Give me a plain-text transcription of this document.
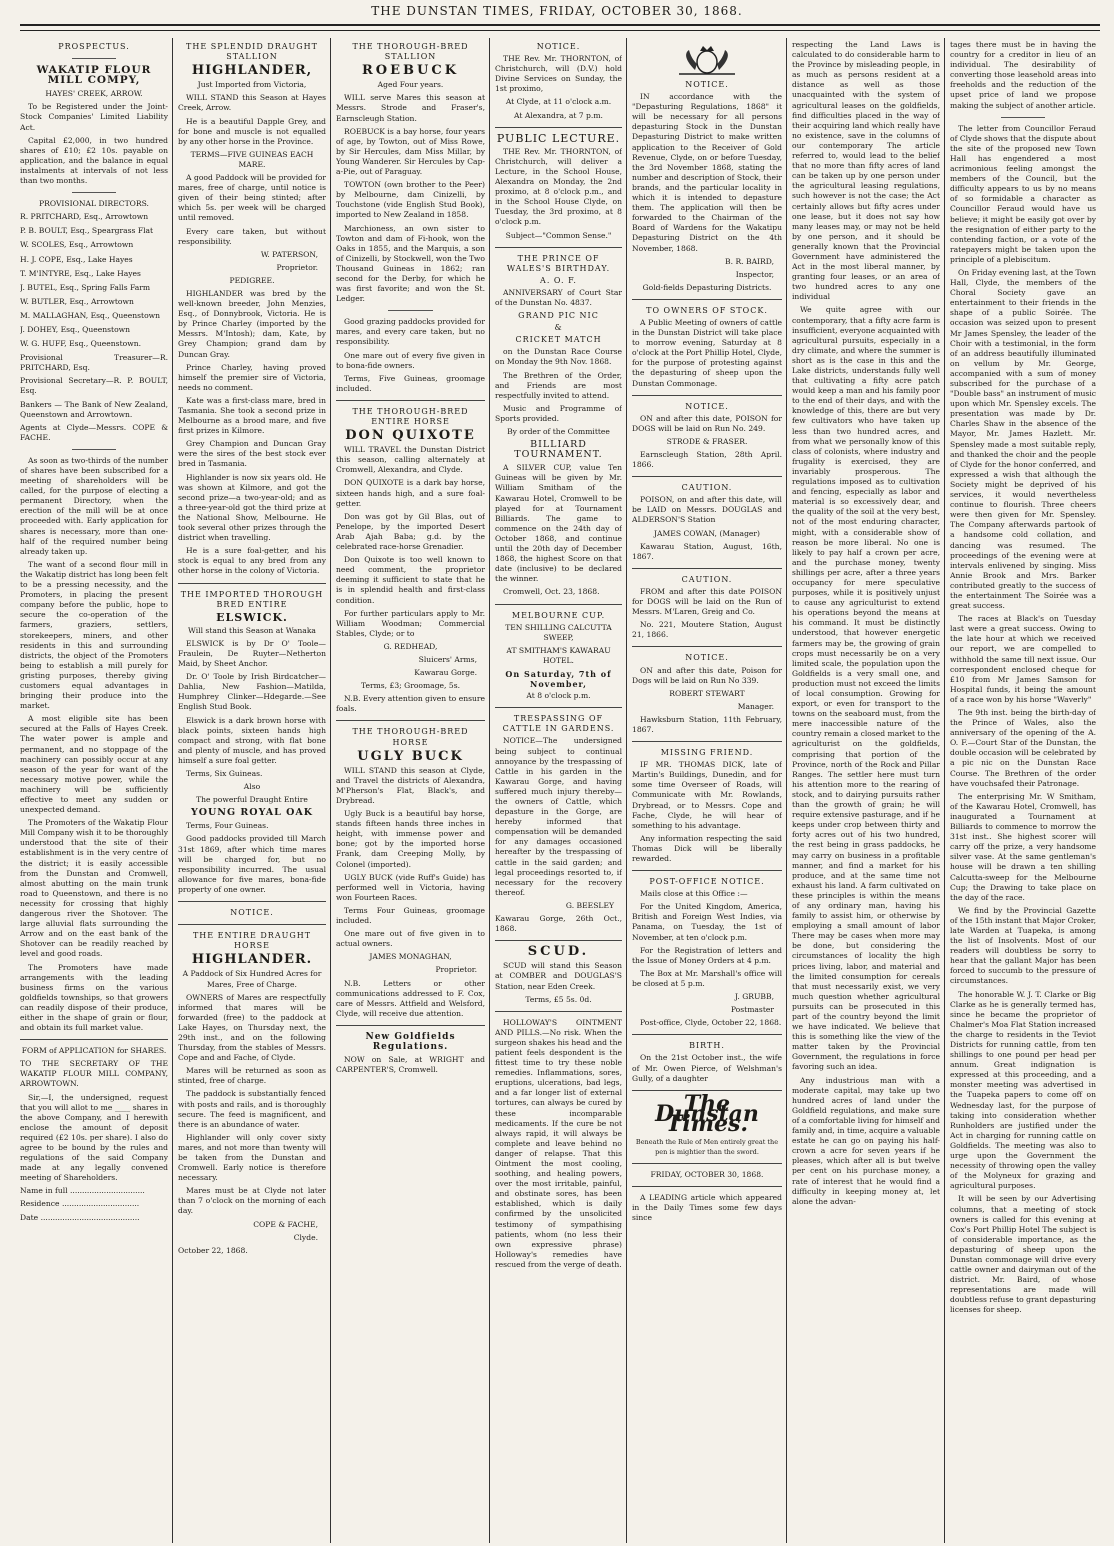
THE DUNSTAN TIMES, FRIDAY, OCTOBER 30, 1868.
PROSPECTUS.
WAKATIP FLOUR MILL COMPY,

HAYES' CREEK, ARROW.

To be Registered under the Joint-Stock Companies' Limited Liability Act.

Capital £2,000, in two hundred shares of £10; £2 10s. payable on application, and the balance in equal instalments at intervals of not less than two months.

PROVISIONAL DIRECTORS.

R. PRITCHARD, Esq., Arrowtown

P. B. BOULT, Esq., Speargrass Flat

W. SCOLES, Esq., Arrowtown

H. J. COPE, Esq., Lake Hayes

T. M'INTYRE, Esq., Lake Hayes

J. BUTEL, Esq., Spring Falls Farm

W. BUTLER, Esq., Arrowtown

M. MALLAGHAN, Esq., Queenstown

J. DOHEY, Esq., Queenstown

W. G. HUFF, Esq., Queenstown.

Provisional Treasurer—R. PRITCHARD, Esq.

Provisional Secretary—R. P. BOULT, Esq.

Bankers — The Bank of New Zealand, Queenstown and Arrowtown.

Agents at Clyde—Messrs. COPE & FACHE.

As soon as two-thirds of the number of shares have been subscribed for a meeting of shareholders will be called, for the purpose of electing a permanent Directory, when the erection of the mill will be at once proceeded with. Early application for shares is necessary, more than one-half of the required number being already taken up.

The want of a second flour mill in the Wakatip district has long been felt to be a pressing necessity, and the Promoters, in placing the present company before the public, hope to secure the co-operation of the farmers, graziers, settlers, storekeepers, miners, and other residents in this and surrounding districts, the object of the Promoters being to establish a mill purely for gristing purposes, thereby giving customers equal advantages in bringing their produce into the market.

A most eligible site has been secured at the Falls of Hayes Creek. The water power is ample and permanent, and no stoppage of the machinery can possibly occur at any season of the year for want of the necessary motive power, while the machinery will be sufficiently effective to meet any sudden or unexpected demand.

The Promoters of the Wakatip Flour Mill Company wish it to be thoroughly understood that the site of their establishment is in the very centre of the district; it is easily accessible from the Dunstan and Cromwell, almost abutting on the main trunk road to Queenstown, and there is no necessity for crossing that highly dangerous river the Shotover. The large alluvial flats surrounding the Arrow and on the east bank of the Shotover can be readily reached by level and good roads.

The Promoters have made arrangements with the leading business firms on the various goldfields townships, so that growers can readily dispose of their produce, either in the shape of grain or flour, and obtain its full market value.

FORM of APPLICATION for SHARES.

TO THE SECRETARY OF THE WAKATIP FLOUR MILL COMPANY, ARROWTOWN.

Sir,—I, the undersigned, request that you will allot to me ____ shares in the above Company, and I herewith enclose the amount of deposit required (£2 10s. per share). I also do agree to be bound by the rules and regulations of the said Company made at any legally convened meeting of Shareholders.

Name in full ...............................

Residence ................................

Date .........................................

THE SPLENDID DRAUGHT STALLION
HIGHLANDER,

Just Imported from Victoria,

WILL STAND this Season at Hayes Creek, Arrow.

He is a beautiful Dapple Grey, and for bone and muscle is not equalled by any other horse in the Province.

TERMS—FIVE GUINEAS EACH MARE.

A good Paddock will be provided for mares, free of charge, until notice is given of their being stinted; after which 5s. per week will be charged until removed.

Every care taken, but without responsibility.

W. PATERSON,
Proprietor.

PEDIGREE.

HIGHLANDER was bred by the well-known breeder, John Menzies, Esq., of Donnybrook, Victoria. He is by Prince Charley (imported by the Messrs. M'Intosh); dam, Kate, by Grey Champion; grand dam by Duncan Gray.

Prince Charley, having proved himself the premier sire of Victoria, needs no comment.

Kate was a first-class mare, bred in Tasmania. She took a second prize in Melbourne as a brood mare, and five first prizes in Kilmore.

Grey Champion and Duncan Gray were the sires of the best stock ever bred in Tasmania.

Highlander is now six years old. He was shown at Kilmore, and got the second prize—a two-year-old; and as a three-year-old got the third prize at the National Show, Melbourne. He took several other prizes through the district when travelling.

He is a sure foal-getter, and his stock is equal to any bred from any other horse in the colony of Victoria.

THE IMPORTED THOROUGH BRED ENTIRE
ELSWICK.

Will stand this Season at Wanaka

ELSWICK is by Dr O' Toole—Fraulein, De Ruyter—Netherton Maid, by Sheet Anchor.

Dr. O' Toole by Irish Birdcatcher—Dahlia, New Fashion—Matilda, Humphrey Clinker—Hdegarde.—See English Stud Book.

Elswick is a dark brown horse with black points, sixteen hands high compact and strong, with flat bone and plenty of muscle, and has proved himself a sure foal getter.

Terms, Six Guineas.

Also

The powerful Draught Entire

YOUNG ROYAL OAK

Terms, Four Guineas.

Good paddocks provided till March 31st 1869, after which time mares will be charged for, but no responsibility incurred. The usual allowance for five mares, bona-fide property of one owner.

NOTICE.
THE ENTIRE DRAUGHT HORSE
HIGHLANDER.

A Paddock of Six Hundred Acres for Mares, Free of Charge.

OWNERS of Mares are respectfully informed that mares will be forwarded (free) to the paddock at Lake Hayes, on Thursday next, the 29th inst., and on the following Thursday, from the stables of Messrs. Cope and and Fache, of Clyde.

Mares will be returned as soon as stinted, free of charge.

The paddock is substantially fenced with posts and rails, and is thoroughly secure. The feed is magnificent, and there is an abundance of water.

Highlander will only cover sixty mares, and not more than twenty will be taken from the Dunstan and Cromwell. Early notice is therefore necessary.

Mares must be at Clyde not later than 7 o'clock on the morning of each day.

COPE & FACHE,
Clyde.

October 22, 1868.

THE THOROUGH-BRED STALLION
ROEBUCK

Aged Four years.

WILL serve Mares this season at Messrs. Strode and Fraser's, Earnscleugh Station.

ROEBUCK is a bay horse, four years of age, by Towton, out of Miss Rowe, by Sir Hercules, dam Miss Millar, by Young Wanderer. Sir Hercules by Cap-a-Pie, out of Paraguay.

TOWTON (own brother to the Peer) by Melbourne, dam Cinizelli, by Touchstone (vide English Stud Book), imported to New Zealand in 1858.

Marchioness, an own sister to Towton and dam of Fi-hook, won the Oaks in 1855, and the Marquis, a son of Cinizelli, by Stockwell, won the Two Thousand Guineas in 1862; ran second for the Derby, for which he was first favorite; and won the St. Ledger.

Good grazing paddocks provided for mares, and every care taken, but no responsibility.

One mare out of every five given in to bona-fide owners.

Terms, Five Guineas, groomage included.

THE THOROUGH-BRED ENTIRE HORSE
DON QUIXOTE

WILL TRAVEL the Dunstan District this season, calling alternately at Cromwell, Alexandra, and Clyde.

DON QUIXOTE is a dark bay horse, sixteen hands high, and a sure foal-getter.

Don was got by Gil Blas, out of Penelope, by the imported Desert Arab Ajah Baba; g.d. by the celebrated race-horse Grenadier.

Don Quixote is too well known to need comment, the proprietor deeming it sufficient to state that he is in splendid health and first-class condition.

For further particulars apply to Mr. William Woodman; Commercial Stables, Clyde; or to

G. REDHEAD,

Sluicers' Arms,
Kawarau Gorge.

Terms, £3; Groomage, 5s.

N.B. Every attention given to ensure foals.

THE THOROUGH-BRED HORSE
UGLY BUCK

WILL STAND this season at Clyde, and Travel the districts of Alexandra, M'Pherson's Flat, Black's, and Drybread.

Ugly Buck is a beautiful bay horse, stands fifteen hands three inches in height, with immense power and bone; got by the imported horse Frank, dam Creeping Molly, by Colonel (imported).

UGLY BUCK (vide Ruff's Guide) has performed well in Victoria, having won Fourteen Races.

Terms Four Guineas, groomage included.

One mare out of five given in to actual owners.

JAMES MONAGHAN,

Proprietor.

N.B. Letters or other communications addressed to F. Cox, care of Messrs. Attfield and Welsford, Clyde, will receive due attention.

New Goldfields Regulations.

NOW on Sale, at WRIGHT and CARPENTER'S, Cromwell.

NOTICE.

THE Rev. Mr. THORNTON, of Christchurch, will (D.V.) hold Divine Services on Sunday, the 1st proximo,

At Clyde, at 11 o'clock a.m.

At Alexandra, at 7 p.m.

PUBLIC LECTURE.

THE Rev. Mr. THORNTON, of Christchurch, will deliver a Lecture, in the School House, Alexandra on Monday, the 2nd proximo, at 8 o'clock p.m., and in the School House Clyde, on Tuesday, the 3rd proximo, at 8 o'clock p.m.

Subject—"Common Sense."

THE PRINCE OF WALES'S BIRTHDAY.
A. O. F.

ANNIVERSARY of Court Star of the Dunstan No. 4837.

GRAND PIC NIC
&
CRICKET MATCH

on the Dunstan Race Course on Monday the 9th Nov. 1868.

The Brethren of the Order, and Friends are most respectfully invited to attend.

Music and Programme of Sports provided.

By order of the Committee

BILLIARD TOURNAMENT.

A SILVER CUP, value Ten Guineas will be given by Mr. William Smitham of the Kawarau Hotel, Cromwell to be played for at Tournament Billiards. The game to commence on the 24th day of October 1868, and continue until the 20th day of December 1868, the highest Score on that date (inclusive) to be declared the winner.

Cromwell, Oct. 23, 1868.

MELBOURNE CUP.

TEN SHILLING CALCUTTA SWEEP,

AT SMITHAM'S KAWARAU HOTEL.

On Saturday, 7th of November,

At 8 o'clock p.m.

TRESPASSING OF CATTLE IN GARDENS.

NOTICE—The undersigned being subject to continual annoyance by the trespassing of Cattle in his garden in the Kawarau Gorge, and having suffered much injury thereby—the owners of Cattle, which depasture in the Gorge, are hereby informed that compensation will be demanded for any damages occasioned hereafter by the trespassing of cattle in the said garden; and legal proceedings resorted to, if necessary for the recovery thereof.

G. BEESLEY

Kawarau Gorge, 26th Oct., 1868.

SCUD.

SCUD will stand this Season at COMBER and DOUGLAS'S Station, near Eden Creek.

Terms, £5 5s. 0d.

HOLLOWAY'S OINTMENT AND PILLS.—No risk. When the surgeon shakes his head and the patient feels despondent is the fittest time to try these noble remedies. Inflammations, sores, eruptions, ulcerations, bad legs, and a far longer list of external tortures, can always be cured by these incomparable medicaments. If the cure be not always rapid, it will always be complete and leave behind no danger of relapse. That this Ointment the most cooling, soothing, and healing powers, over the most irritable, painful, and obstinate sores, has been established, which is daily confirmed by the unsolicited testimony of sympathising patients, whom (no less their own expressive phrase) Holloway's remedies have rescued from the verge of death.

NOTICE.

IN accordance with the "Depasturing Regulations, 1868" it will be necessary for all persons depasturing Stock in the Dunstan Depasturing District to make written application to the Receiver of Gold Revenue, Clyde, on or before Tuesday, the 3rd November 1868, stating the number and description of Stock, their brands, and the particular locality in which it is intended to depasture them. The application will then be forwarded to the Chairman of the Board of Wardens for the Wakatipu Depasturing District on the 4th November, 1868.

B. R. BAIRD,
Inspector,

Gold-fields Depasturing Districts.

TO OWNERS OF STOCK.

A Public Meeting of owners of cattle in the Dunstan District will take place to morrow evening, Saturday at 8 o'clock at the Port Phillip Hotel, Clyde, for the purpose of protesting against the depasturing of sheep upon the Dunstan Commonage.

NOTICE.

ON and after this date, POISON for DOGS will be laid on Run No. 249.

STRODE & FRASER.

Earnscleugh Station, 28th April. 1866.

CAUTION.

POISON, on and after this date, will be LAID on Messrs. DOUGLAS and ALDERSON'S Station

JAMES COWAN, (Manager)

Kawarau Station, August, 16th, 1867.

CAUTION.

FROM and after this date POISON for DOGS will be laid on the Run of Messrs. M'Laren, Greig and Co.

No. 221, Moutere Station, August 21, 1866.

NOTICE.

ON and after this date, Poison for Dogs will be laid on Run No 339.

ROBERT STEWART

Manager.

Hawksburn Station, 11th February, 1867.

MISSING FRIEND.

IF MR. THOMAS DICK, late of Martin's Buildings, Dunedin, and for some time Overseer of Roads, will Communicate with Mr. Rowlands, Drybread, or to Messrs. Cope and Fache, Clyde, he will hear of something to his advantage.

Any information respecting the said Thomas Dick will be liberally rewarded.

POST-OFFICE NOTICE.

Mails close at this Office :—

For the United Kingdom, America, British and Foreign West Indies, via Panama, on Tuesday, the 1st of November, at ten o'clock p.m.

For the Registration of letters and the Issue of Money Orders at 4 p.m.

The Box at Mr. Marshall's office will be closed at 5 p.m.

J. GRUBB,
Postmaster

Post-office, Clyde, October 22, 1868.

BIRTH.

On the 21st October inst., the wife of Mr. Owen Pierce, of Welshman's Gully, of a daughter

The Dunstan Times.

Beneath the Rule of Men entirely great the pen is mightier than the sword.

FRIDAY, OCTOBER 30, 1868.

A LEADING article which appeared in the Daily Times some few days since

respecting the Land Laws is calculated to do considerable harm to the Province by misleading people, in as much as persons resident at a distance as well as those unacquainted with the system of agricultural leases on the goldfields, find difficulties placed in the way of their acquiring land which really have no existence, save in the columns of our contemporary The article referred to, would lead to the belief that no more than fifty acres of land can be taken up by one person under the agricultural leasing regulations, such however is not the case; the Act certainly allows but fifty acres under one lease, but it does not say how many leases may, or may not be held by one person, and it should be generally known that the Provincial Government have administered the Act in the most liberal manner, by granting four leases, or an area of two hundred acres to any one individual

We quite agree with our contemporary, that a fifty acre farm is insufficient, everyone acquainted with agricultural pursuits, especially in a dry climate, and where the summer is short as is the case in this and the Lake districts, understands fully well that cultivating a fifty acre patch would keep a man and his family poor to the end of their days, and with the knowledge of this, there are but very few cultivators who have taken up less than two hundred acres, and from what we personally know of this class of colonists, where industry and frugality is exercised, they are invariably prosperous. The regulations imposed as to cultivation and fencing, especially as labor and material is so excessively dear, and the quality of the soil at the very best, not of the most enduring character, might, with a considerable show of reason be more liberal. No one is likely to pay half a crown per acre, and the purchase money, twenty shillings per acre, after a three years occupancy for mere speculative purposes, while it is positively unjust to cause any agriculturist to extend his operations beyond the means at his command. It must be distinctly understood, that however energetic farmers may be, the growing of grain crops must necessarily be on a very limited scale, the population upon the Goldfields is a very small one, and production must not exceed the limits of local consumption. Growing for export, or even for transport to the towns on the seaboard must, from the mere inaccessible nature of the country remain a closed market to the agriculturist on the goldfields, comprising that portion of the Province, north of the Rock and Pillar Ranges. The settler here must turn his attention more to the rearing of stock, and to dairying pursuits rather than the growth of grain; he will require extensive pasturage, and if he keeps under crop between thirty and forty acres out of his two hundred, the rest being in grass paddocks, he may carry on business in a profitable manner, and find a market for his produce, and at the same time not exhaust his land. A farm cultivated on these principles is within the means of any ordinary man, having his family to assist him, or otherwise by employing a small amount of labor There may be cases when more may be done, but considering the circumstances of locality the high prices living, labor, and material and the limited consumption for cereals that must necessarily exist, we very much question whether agricultural pursuits can be prosecuted in this part of the country beyond the limit we have indicated. We believe that this is something like the view of the matter taken by the Provincial Government, the regulations in force favoring such an idea.

Any industrious man with a moderate capital, may take up two hundred acres of land under the Goldfield regulations, and make sure of a comfortable living for himself and family and, in time, acquire a valuable estate he can go on paying his half-crown a acre for seven years if he pleases, which after all is but twelve per cent on his purchase money, a rate of interest that he would find a difficulty in keeping money at, let alone the advan-

tages there must be in having the country for a creditor in lieu of an individual. The desirability of converting those leasehold areas into freeholds and the reduction of the upset price of land we propose making the subject of another article.

The letter from Councillor Feraud of Clyde shows that the dispute about the site of the proposed new Town Hall has engendered a most acrimonious feeling amongst the members of the Council, but the difficulty appears to us by no means of so formidable a character as Councillor Feraud would have us believe; it might be easily got over by the resignation of either party to the contending faction, or a vote of the ratepayers might be taken upon the principle of a plebiscitum.

On Friday evening last, at the Town Hall, Clyde, the members of the Choral Society gave an entertainment to their friends in the shape of a public Soirée. The occasion was seized upon to present Mr James Spensley, the leader of the Choir with a testimonial, in the form of an address beautifully illuminated on vellum by Mr. George, accompanied with a sum of money subscribed for the purchase of a "Double bass" an instrument of music upon which Mr. Spensley excels. The presentation was made by Dr. Charles Shaw in the absence of the Mayor, Mr. James Hazlett. Mr. Spensley made a most suitable reply, and thanked the choir and the people of Clyde for the honor conferred, and expressed a wish that although the Society might be deprived of his services, it would nevertheless continue to flourish. Three cheers were then given for Mr. Spensley. The Company afterwards partook of a handsome cold collation, and dancing was resumed. The proceedings of the evening were at intervals enlivened by singing. Miss Annie Brook and Mrs. Barker contributed greatly to the success of the entertainment The Soirée was a great success.

The races at Black's on Tuesday last were a great success. Owing to the late hour at which we received our report, we are compelled to withhold the same till next issue. Our correspondent enclosed cheque for £10 from Mr James Samson for Hospital funds, it being the amount of a race won by his horse "Waverly"

The 9th inst. being the birth-day of the Prince of Wales, also the anniversary of the opening of the A. O. F.—Court Star of the Dunstan, the double occasion will be celebrated by a pic nic on the Dunstan Race Course. The Brethren of the order have vouchsafed their Patronage.

The enterprising Mr. W Smitham, of the Kawarau Hotel, Cromwell, has inaugurated a Tournament at Billiards to commence to morrow the 31st inst.. She highest scorer will carry off the prize, a very handsome silver vase. At the same gentleman's house will be drawn a ten shilling Calcutta-sweep for the Melbourne Cup; the Drawing to take place on the day of the race.

We find by the Provincial Gazette of the 15th instant that Major Croker, late Warden at Tuapeka, is among the list of Insolvents. Most of our readers will doubtless be sorry to hear that the gallant Major has been forced to succumb to the pressure of circumstances.

The honorable W. J. T. Clarke or Big Clarke as he is generally termed has, since he became the proprietor of Chalmer's Moa Flat Station increased the charge to residents in the Teviot Districts for running cattle, from ten shillings to one pound per head per annum. Great indignation is expressed at this proceeding, and a monster meeting was advertised in the Tuapeka papers to come off on Wednesday last, for the purpose of taking into consideration whether Runholders are justified under the Act in charging for running cattle on Goldfields. The meeting was also to urge upon the Government the necessity of throwing open the valley of the Molyneux for grazing and agricultural purposes.

It will be seen by our Advertising columns, that a meeting of stock owners is called for this evening at Cox's Port Phillip Hotel The subject is of considerable importance, as the depasturing of sheep upon the Dunstan commonage will drive every cattle owner and dairyman out of the district. Mr. Baird, of whose representations are made will doubtless refuse to grant depasturing licenses for sheep.
